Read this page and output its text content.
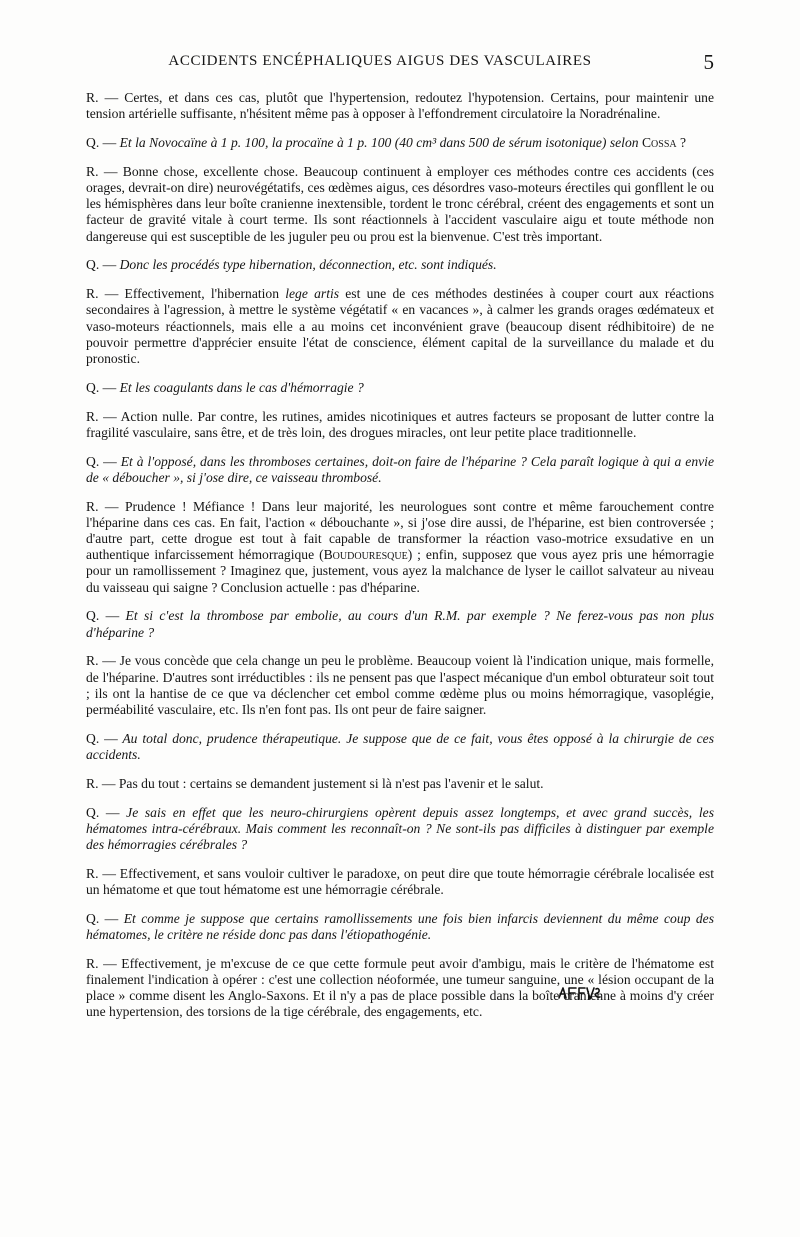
ACCIDENTS ENCÉPHALIQUES AIGUS DES VASCULAIRES	5

R. — Certes, et dans ces cas, plutôt que l'hypertension, redoutez l'hypotension. Certains, pour maintenir une tension artérielle suffisante, n'hésitent même pas à opposer à l'effondrement circulatoire la Noradrénaline.

Q. — Et la Novocaïne à 1 p. 100, la procaïne à 1 p. 100 (40 cm³ dans 500 de sérum isotonique) selon Cossa ?

R. — Bonne chose, excellente chose. Beaucoup continuent à employer ces méthodes contre ces accidents (ces orages, devrait-on dire) neurovégétatifs, ces œdèmes aigus, ces désordres vaso-moteurs érectiles qui gonfllent le ou les hémisphères dans leur boîte cranienne inextensible, tordent le tronc cérébral, créent des engagements et sont un facteur de gravité vitale à court terme. Ils sont réactionnels à l'accident vasculaire aigu et toute méthode non dangereuse qui est susceptible de les juguler peu ou prou est la bienvenue. C'est très important.

Q. — Donc les procédés type hibernation, déconnection, etc. sont indiqués.

R. — Effectivement, l'hibernation lege artis est une de ces méthodes destinées à couper court aux réactions secondaires à l'agression, à mettre le système végétatif « en vacances », à calmer les grands orages œdémateux et vaso-moteurs réactionnels, mais elle a au moins cet inconvénient grave (beaucoup disent rédhibitoire) de ne pouvoir permettre d'apprécier ensuite l'état de conscience, élément capital de la surveillance du malade et du pronostic.

Q. — Et les coagulants dans le cas d'hémorragie ?

R. — Action nulle. Par contre, les rutines, amides nicotiniques et autres facteurs se proposant de lutter contre la fragilité vasculaire, sans être, et de très loin, des drogues miracles, ont leur petite place traditionnelle.

Q. — Et à l'opposé, dans les thromboses certaines, doit-on faire de l'héparine ? Cela paraît logique à qui a envie de « déboucher », si j'ose dire, ce vaisseau thrombosé.

R. — Prudence ! Méfiance ! Dans leur majorité, les neurologues sont contre et même farouchement contre l'héparine dans ces cas. En fait, l'action « débouchante », si j'ose dire aussi, de l'héparine, est bien controversée ; d'autre part, cette drogue est tout à fait capable de transformer la réaction vaso-motrice exsudative en un authentique infarcissement hémorragique (Boudouresque) ; enfin, supposez que vous ayez pris une hémorragie pour un ramollissement ? Imaginez que, justement, vous ayez la malchance de lyser le caillot salvateur au niveau du vaisseau qui saigne ? Conclusion actuelle : pas d'héparine.

Q. — Et si c'est la thrombose par embolie, au cours d'un R.M. par exemple ? Ne ferez-vous pas non plus d'héparine ?

R. — Je vous concède que cela change un peu le problème. Beaucoup voient là l'indication unique, mais formelle, de l'héparine. D'autres sont irréductibles : ils ne pensent pas que l'aspect mécanique d'un embol obturateur soit tout ; ils ont la hantise de ce que va déclencher cet embol comme œdème plus ou moins hémorragique, vasoplégie, perméabilité vasculaire, etc. Ils n'en font pas. Ils ont peur de faire saigner.

Q. — Au total donc, prudence thérapeutique. Je suppose que de ce fait, vous êtes opposé à la chirurgie de ces accidents.

R. — Pas du tout : certains se demandent justement si là n'est pas l'avenir et le salut.

Q. — Je sais en effet que les neuro-chirurgiens opèrent depuis assez longtemps, et avec grand succès, les hématomes intra-cérébraux. Mais comment les reconnaît-on ? Ne sont-ils pas difficiles à distinguer par exemple des hémorragies cérébrales ?

R. — Effectivement, et sans vouloir cultiver le paradoxe, on peut dire que toute hémorragie cérébrale localisée est un hématome et que tout hématome est une hémorragie cérébrale.

Q. — Et comme je suppose que certains ramollissements une fois bien infarcis deviennent du même coup des hématomes, le critère ne réside donc pas dans l'étiopathogénie.

R. — Effectivement, je m'excuse de ce que cette formule peut avoir d'ambigu, mais le critère de l'hématome est finalement l'indication à opérer : c'est une collection néoformée, une tumeur sanguine, une « lésion occupant de la place » comme disent les Anglo-Saxons. Et il n'y a pas de place possible dans la boîte cranienne à moins d'y créer une hypertension, des torsions de la tige cérébrale, des engagements, etc.
